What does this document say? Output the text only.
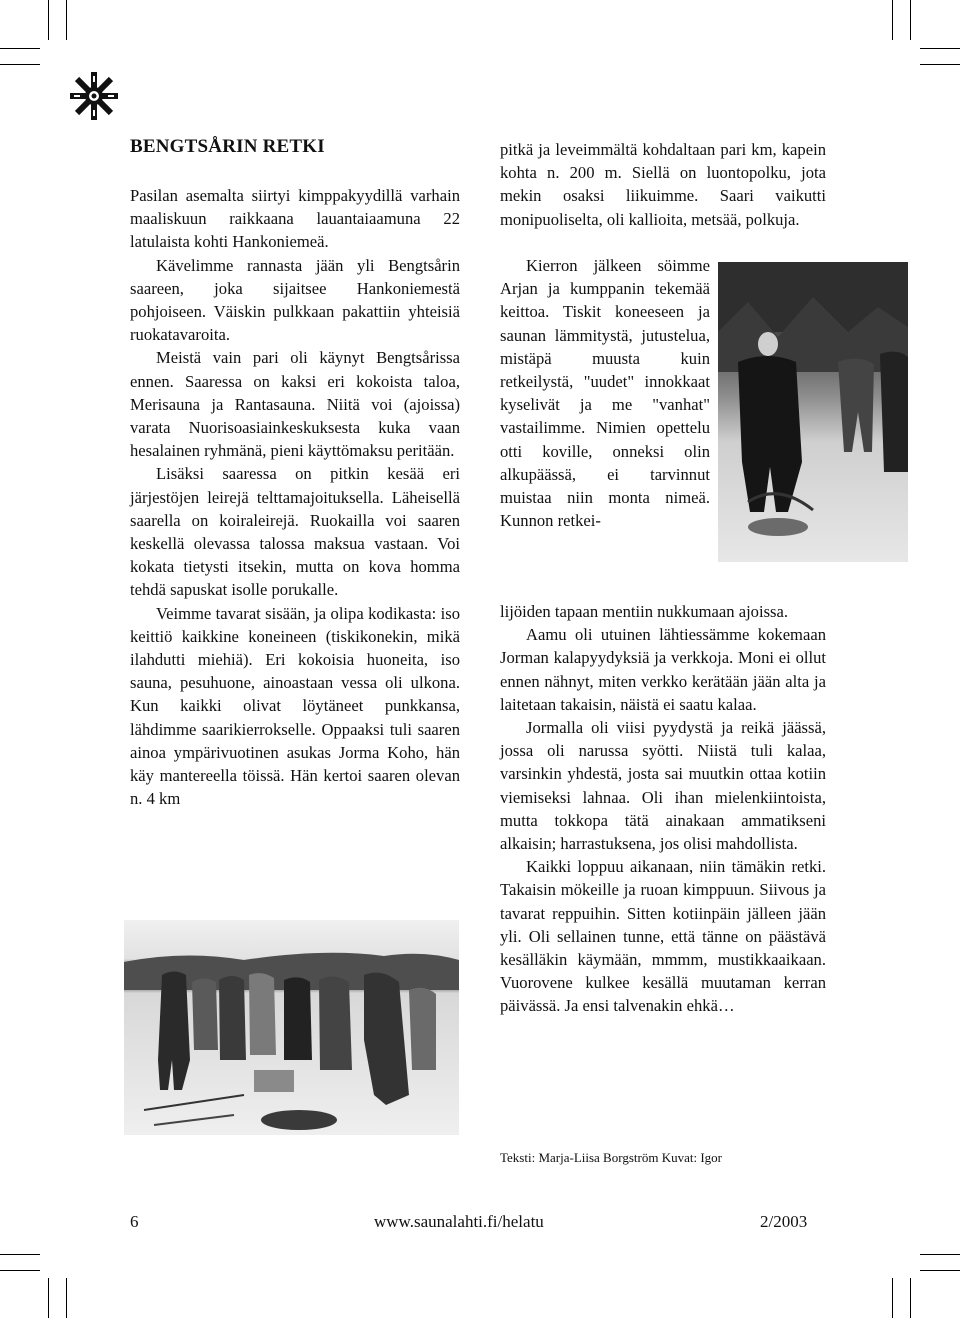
BENGTSÅRIN RETKI

Pasilan asemalta siirtyi kimppakyydillä varhain maaliskuun raikkaana lauantaiaamuna 22 latulaista kohti Hankoniemeä.

Kävelimme rannasta jään yli Bengtsårin saareen, joka sijaitsee Hankoniemestä pohjoiseen. Väiskin pulkkaan pakattiin yhteisiä ruokatavaroita.

Meistä vain pari oli käynyt Bengtsårissa ennen. Saaressa on kaksi eri kokoista taloa, Merisauna ja Rantasauna. Niitä voi (ajoissa) varata Nuorisoasiainkeskuksesta kuka vaan hesalainen ryhmänä, pieni käyttömaksu peritään.

Lisäksi saaressa on pitkin kesää eri järjestöjen leirejä telttamajoituksella. Läheisellä saarella on koiraleirejä. Ruokailla voi saaren keskellä olevassa talossa maksua vastaan. Voi kokata tietysti itsekin, mutta on kova homma tehdä sapuskat isolle porukalle.

Veimme tavarat sisään, ja olipa kodikasta: iso keittiö kaikkine koneineen (tiskikonekin, mikä ilahdutti miehiä). Eri kokoisia huoneita, iso sauna, pesuhuone, ainoastaan vessa oli ulkona. Kun kaikki olivat löytäneet punkkansa, lähdimme saarikierrokselle. Oppaaksi tuli saaren ainoa ympärivuotinen asukas Jorma Koho, hän käy mantereella töissä. Hän kertoi saaren olevan n. 4 km

pitkä ja leveimmältä kohdaltaan pari km, kapein kohta n. 200 m. Siellä on luontopolku, jota mekin osaksi liikuimme. Saari vaikutti monipuoliselta, oli kallioita, metsää, polkuja.

Kierron jälkeen söimme Arjan ja kumppanin tekemää keittoa. Tiskit koneeseen ja saunan lämmitystä, jutustelua, mistäpä muusta kuin retkeilystä, "uudet" innokkaat kyselivät ja me "vanhat" vastailimme. Nimien opettelu otti koville, onneksi olin alkupäässä, ei tarvinnut muistaa niin monta nimeä. Kunnon retkei-

lijöiden tapaan mentiin nukkumaan ajoissa.

Aamu oli utuinen lähtiessämme kokemaan Jorman kalapyydyksiä ja verkkoja. Moni ei ollut ennen nähnyt, miten verkko kerätään jään alta ja laitetaan takaisin, näistä ei saatu kalaa.

Jormalla oli viisi pyydystä ja reikä jäässä, jossa oli narussa syötti. Niistä tuli kalaa, varsinkin yhdestä, josta sai muutkin ottaa kotiin viemiseksi lahnaa. Oli ihan mielenkiintoista, mutta tokkopa tätä ainakaan ammatikseni alkaisin; harrastuksena, jos olisi mahdollista.

Kaikki loppuu aikanaan, niin tämäkin retki. Takaisin mökeille ja ruoan kimppuun. Siivous ja tavarat reppuihin. Sitten kotiinpäin jälleen jään yli. Oli sellainen tunne, että tänne on päästävä kesälläkin käymään, mmmm, mustikkaaikaan. Vuorovene kulkee kesällä muutaman kerran päivässä. Ja ensi talvenakin ehkä…

Teksti: Marja-Liisa Borgström Kuvat: Igor
6	www.saunalahti.fi/helatu	2/2003
